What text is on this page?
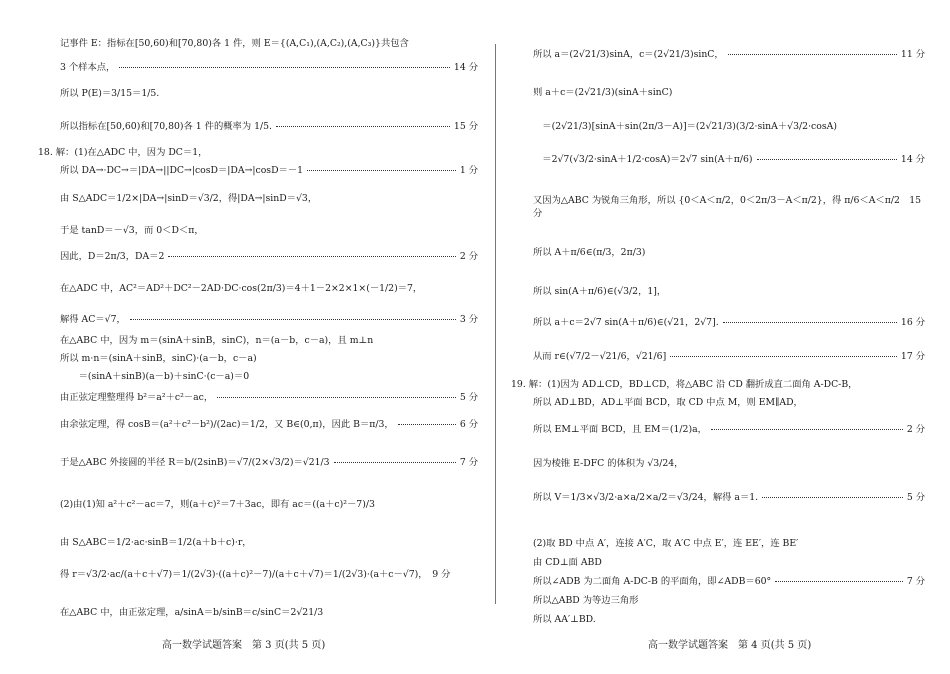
记事件 E：指标在[50,60)和[70,80)各 1 件，则 E＝{(A,C₁),(A,C₂),(A,C₃)}共包含
3 个样本点，	14 分
所以 P(E)＝3/15＝1/5.
所以指标在[50,60)和[70,80)各 1 件的概率为 1/5.	15 分
18. 解：(1)在△ADC 中，因为 DC＝1，
所以 DA→·DC→＝|DA→||DC→|cosD＝|DA→|cosD＝－1	1 分
由 S△ADC＝1/2×|DA→|sinD＝√3/2，得|DA→|sinD＝√3，
于是 tanD＝－√3，而 0＜D＜π，
因此，D＝2π/3，DA＝2	2 分
在△ADC 中，AC²＝AD²＋DC²－2AD·DC·cos(2π/3)＝4＋1－2×2×1×(－1/2)＝7，
解得 AC＝√7，	3 分
在△ABC 中，因为 m＝(sinA＋sinB，sinC)，n＝(a－b，c－a)，且 m⊥n
所以 m·n＝(sinA＋sinB，sinC)·(a－b，c－a)
　　＝(sinA＋sinB)(a－b)＋sinC·(c－a)＝0
由正弦定理整理得 b²＝a²＋c²－ac，	5 分
由余弦定理，得 cosB＝(a²＋c²－b²)/(2ac)＝1/2，又 B∈(0,π)，因此 B＝π/3，	6 分
于是△ABC 外接圆的半径 R＝b/(2sinB)＝√7/(2×√3/2)＝√21/3	7 分
(2)由(1)知 a²＋c²－ac＝7，则(a＋c)²＝7＋3ac，即有 ac＝((a＋c)²－7)/3
由 S△ABC＝1/2·ac·sinB＝1/2(a＋b＋c)·r，
得 r＝√3/2·ac/(a＋c＋√7)＝1/(2√3)·((a＋c)²－7)/(a＋c＋√7)＝1/(2√3)·(a＋c－√7)，　 9 分
在△ABC 中，由正弦定理，a/sinA＝b/sinB＝c/sinC＝2√21/3
所以 a＝(2√21/3)sinA，c＝(2√21/3)sinC，	11 分
则 a＋c＝(2√21/3)(sinA＋sinC)
　＝(2√21/3)[sinA＋sin(2π/3－A)]＝(2√21/3)(3/2·sinA＋√3/2·cosA)
　＝2√7(√3/2·sinA＋1/2·cosA)＝2√7 sin(A＋π/6)	14 分
又因为△ABC 为锐角三角形，所以 {0＜A＜π/2，0＜2π/3－A＜π/2}，得 π/6＜A＜π/2　 15 分
所以 A＋π/6∈(π/3，2π/3)
所以 sin(A＋π/6)∈(√3/2，1]，
所以 a＋c＝2√7 sin(A＋π/6)∈(√21，2√7].	16 分
从而 r∈(√7/2－√21/6，√21/6]	17 分
19. 解：(1)因为 AD⊥CD，BD⊥CD，将△ABC 沿 CD 翻折成直二面角 A-DC-B，
所以 AD⊥BD，AD⊥平面 BCD，取 CD 中点 M，则 EM∥AD，
所以 EM⊥平面 BCD，且 EM＝(1/2)a，	2 分
因为棱锥 E-DFC 的体积为 √3/24，
所以 V＝1/3×√3/2·a×a/2×a/2＝√3/24，解得 a＝1.	5 分
(2)取 BD 中点 A′，连接 A′C，取 A′C 中点 E′，连 EE′，连 BE′
由 CD⊥面 ABD
所以∠ADB 为二面角 A-DC-B 的平面角，即∠ADB＝60°	7 分
所以△ABD 为等边三角形
所以 AA′⊥BD.
高一数学试题答案　第 3 页(共 5 页)	高一数学试题答案　第 4 页(共 5 页)
